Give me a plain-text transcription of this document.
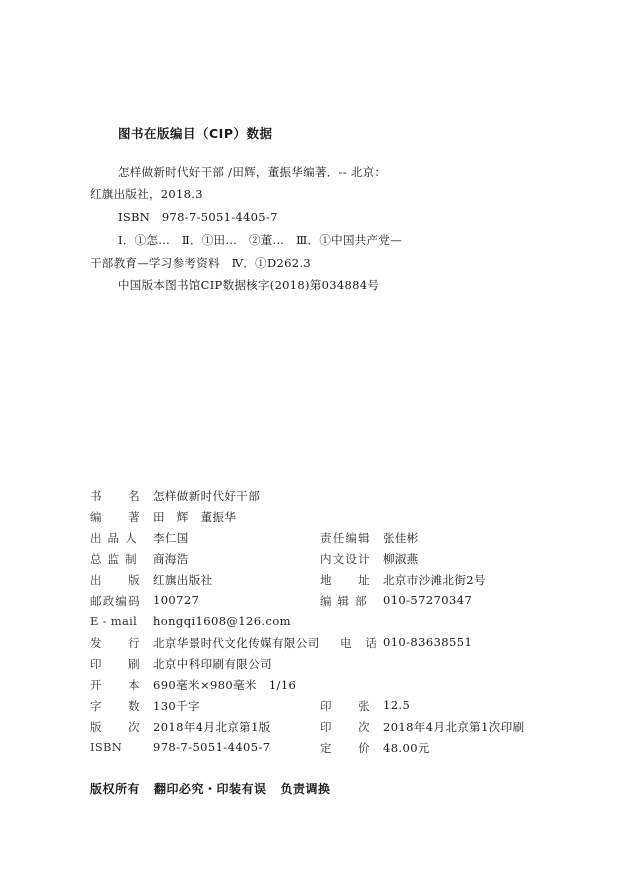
图书在版编目（CIP）数据
怎样做新时代好干部 /田辉，董振华编著．-- 北京：
红旗出版社，2018.3
ISBN　978-7-5051-4405-7
Ⅰ．①怎…　Ⅱ．①田…　②董…　Ⅲ．①中国共产党—
干部教育—学习参考资料　Ⅳ．①D262.3
中国版本图书馆CIP数据核字(2018)第034884号
书　　名 怎样做新时代好干部
编　　著 田　辉　董振华
出 品 人 李仁国
总 监 制 商海浩
出　　版 红旗出版社
邮政编码 100727
E - mail hongqi1608@126.com
发　　行 北京华景时代文化传媒有限公司
印　　刷 北京中科印刷有限公司
开　　本 690毫米×980毫米　1/16
字　　数 130千字
版　　次 2018年4月北京第1版
ISBN	978-7-5051-4405-7
责任编辑 张佳彬
内文设计 柳淑燕
地　　址 北京市沙滩北街2号
编 辑 部 010-57270347
电　话 010-83638551
印　　张 12.5
印　　次 2018年4月北京第1次印刷
定　　价 48.00元
版权所有 翻印必究・印装有误 负责调换
